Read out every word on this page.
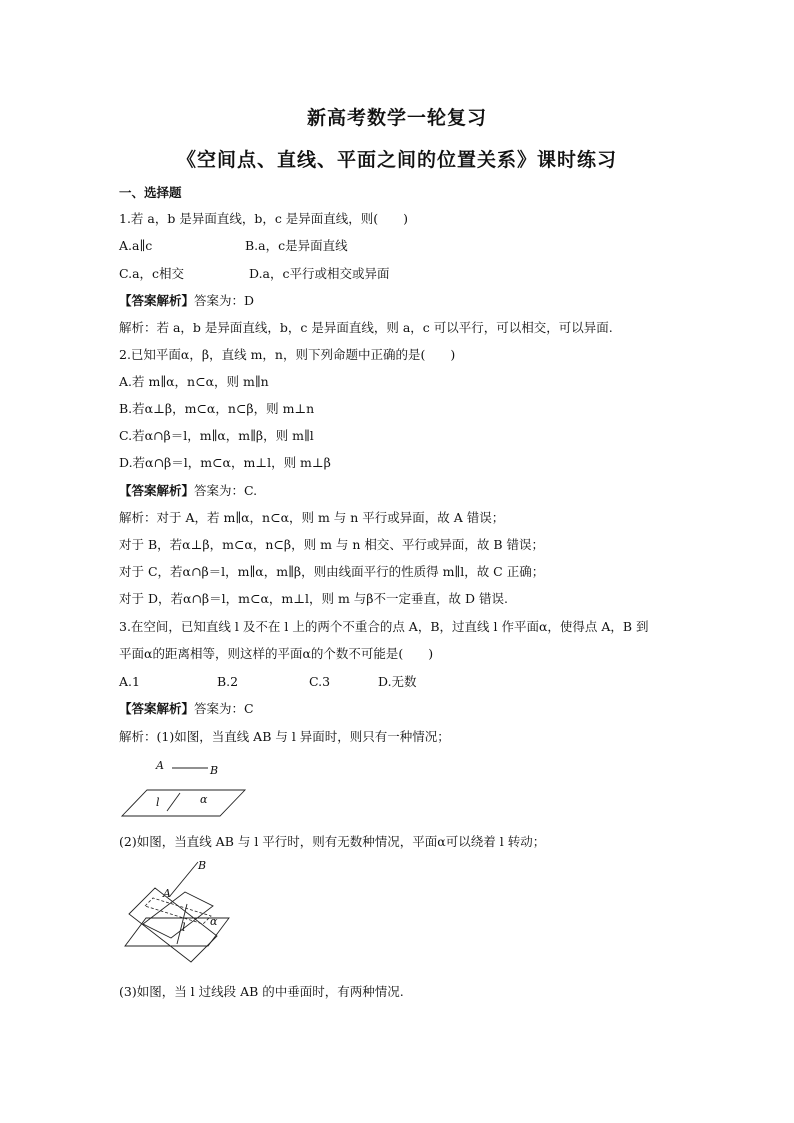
新高考数学一轮复习
《空间点、直线、平面之间的位置关系》课时练习
一、选择题
1.若 a，b 是异面直线，b，c 是异面直线，则(　　)
A.a∥c	B.a，c是异面直线
C.a，c相交	D.a，c平行或相交或异面
【答案解析】答案为：D
解析：若 a，b 是异面直线，b，c 是异面直线，则 a，c 可以平行，可以相交，可以异面.
2.已知平面α，β，直线 m，n，则下列命题中正确的是(　　)
A.若 m∥α，n⊂α，则 m∥n
B.若α⊥β，m⊂α，n⊂β，则 m⊥n
C.若α∩β＝l，m∥α，m∥β，则 m∥l
D.若α∩β＝l，m⊂α，m⊥l，则 m⊥β
【答案解析】答案为：C.
解析：对于 A，若 m∥α，n⊂α，则 m 与 n 平行或异面，故 A 错误；
对于 B，若α⊥β，m⊂α，n⊂β，则 m 与 n 相交、平行或异面，故 B 错误；
对于 C，若α∩β＝l，m∥α，m∥β，则由线面平行的性质得 m∥l，故 C 正确；
对于 D，若α∩β＝l，m⊂α，m⊥l，则 m 与β不一定垂直，故 D 错误.
3.在空间，已知直线 l 及不在 l 上的两个不重合的点 A，B，过直线 l 作平面α，使得点 A，B 到
平面α的距离相等，则这样的平面α的个数不可能是(　　)
A.1	B.2	C.3	D.无数
【答案解析】答案为：C
解析：(1)如图，当直线 AB 与 l 异面时，则只有一种情况；
A	B
l	α
(2)如图，当直线 AB 与 l 平行时，则有无数种情况，平面α可以绕着 l 转动；
A
B
l α
(3)如图，当 l 过线段 AB 的中垂面时，有两种情况.
